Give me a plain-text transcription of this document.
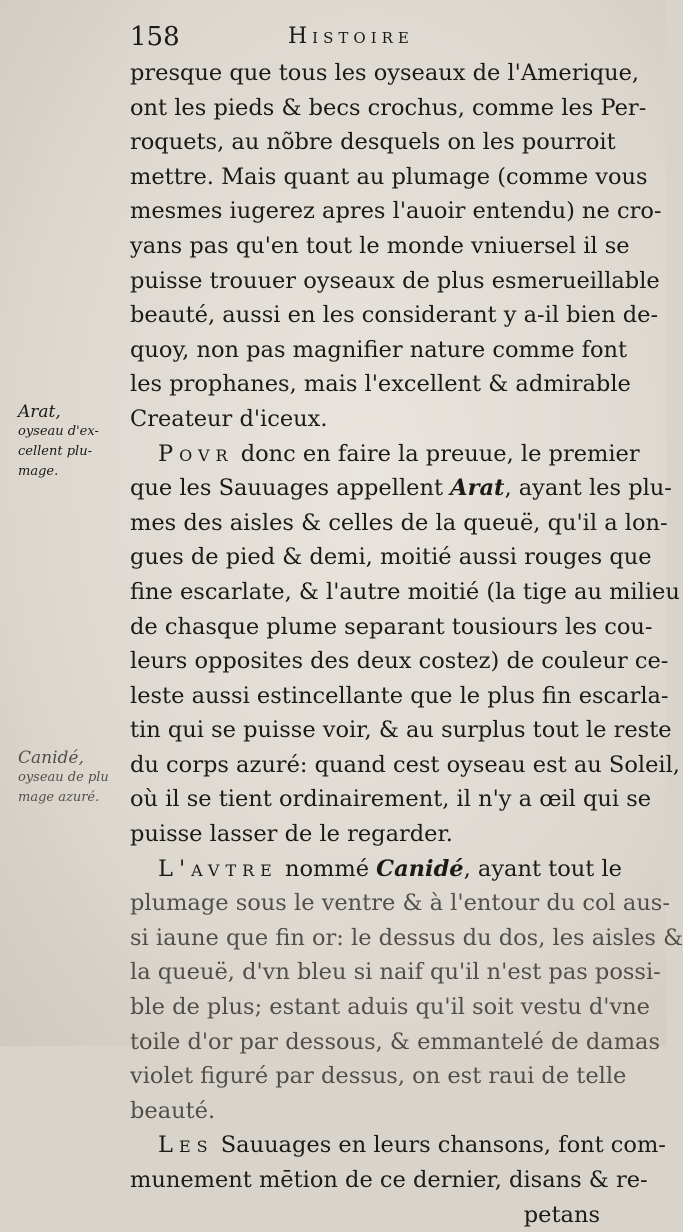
158	Histoire
presque que tous les oyseaux de l'Amerique,
ont les pieds & becs crochus, comme les Per-
roquets, au nõbre desquels on les pourroit
mettre. Mais quant au plumage (comme vous
mesmes iugerez apres l'auoir entendu) ne cro-
yans pas qu'en tout le monde vniuersel il se
puisse trouuer oyseaux de plus esmerueillable
beauté, aussi en les considerant y a-il bien de-
quoy, non pas magnifier nature comme font
les prophanes, mais l'excellent & admirable
Createur d'iceux.
Povr donc en faire la preuue, le premier
que les Sauuages appellent Arat, ayant les plu-
mes des aisles & celles de la queuë, qu'il a lon-
gues de pied & demi, moitié aussi rouges que
fine escarlate, & l'autre moitié (la tige au milieu
de chasque plume separant tousiours les cou-
leurs opposites des deux costez) de couleur ce-
leste aussi estincellante que le plus fin escarla-
tin qui se puisse voir, & au surplus tout le reste
du corps azuré: quand cest oyseau est au Soleil,
où il se tient ordinairement, il n'y a œil qui se
puisse lasser de le regarder.
L'avtre nommé Canidé, ayant tout le
plumage sous le ventre & à l'entour du col aus-
si iaune que fin or: le dessus du dos, les aisles &
la queuë, d'vn bleu si naif qu'il n'est pas possi-
ble de plus; estant aduis qu'il soit vestu d'vne
toile d'or par dessous, & emmantelé de damas
violet figuré par dessus, on est raui de telle
beauté.
Les Sauuages en leurs chansons, font com-
munement mētion de ce dernier, disans & re-
petans
Arat,
oyseau d'ex-
cellent plu-
mage.
Canidé,
oyseau de plu
mage azuré.
